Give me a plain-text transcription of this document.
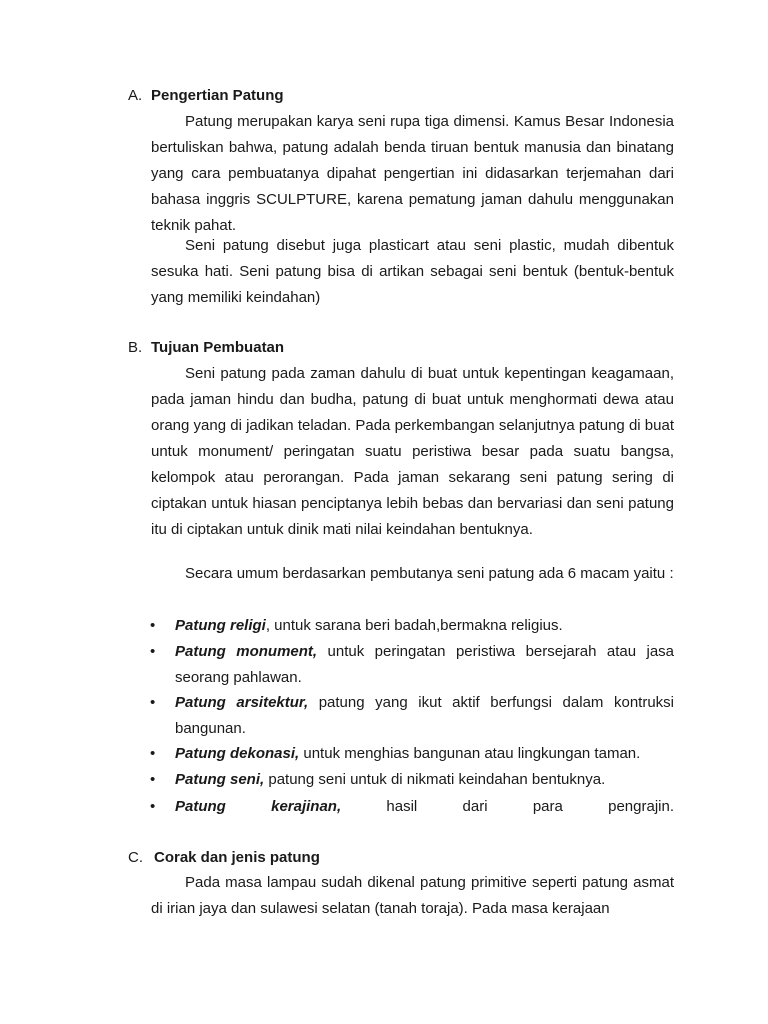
A. Pengertian Patung

Patung merupakan karya seni rupa tiga dimensi. Kamus Besar Indonesia bertuliskan bahwa, patung adalah benda tiruan bentuk manusia dan binatang yang cara pembuatanya dipahat pengertian ini didasarkan terjemahan dari bahasa inggris SCULPTURE, karena pematung jaman dahulu menggunakan teknik pahat.

Seni patung disebut juga plasticart atau seni plastic, mudah dibentuk sesuka hati. Seni patung bisa di artikan sebagai seni bentuk (bentuk-bentuk yang memiliki keindahan)

B. Tujuan Pembuatan

Seni patung pada zaman dahulu di buat untuk kepentingan keagamaan, pada jaman hindu dan budha, patung di buat untuk menghormati dewa atau orang yang di jadikan teladan. Pada perkembangan selanjutnya patung di buat untuk monument/ peringatan suatu peristiwa besar pada suatu bangsa, kelompok atau perorangan. Pada jaman sekarang seni patung sering di ciptakan untuk hiasan penciptanya lebih bebas dan bervariasi dan seni patung itu di ciptakan untuk dinik mati nilai keindahan bentuknya.

Secara umum berdasarkan pembutanya seni patung ada 6 macam yaitu :

• Patung religi, untuk sarana beri badah,bermakna religius.

• Patung monument, untuk peringatan peristiwa bersejarah atau jasa seorang pahlawan.

• Patung arsitektur, patung yang ikut aktif berfungsi dalam kontruksi bangunan.

• Patung dekonasi, untuk menghias bangunan atau lingkungan taman.

• Patung seni, patung seni untuk di nikmati keindahan bentuknya.

• Patung kerajinan, hasil dari para pengrajin.

C. Corak dan jenis patung

Pada masa lampau sudah dikenal patung primitive seperti patung asmat di irian jaya dan sulawesi selatan (tanah toraja). Pada masa kerajaan
